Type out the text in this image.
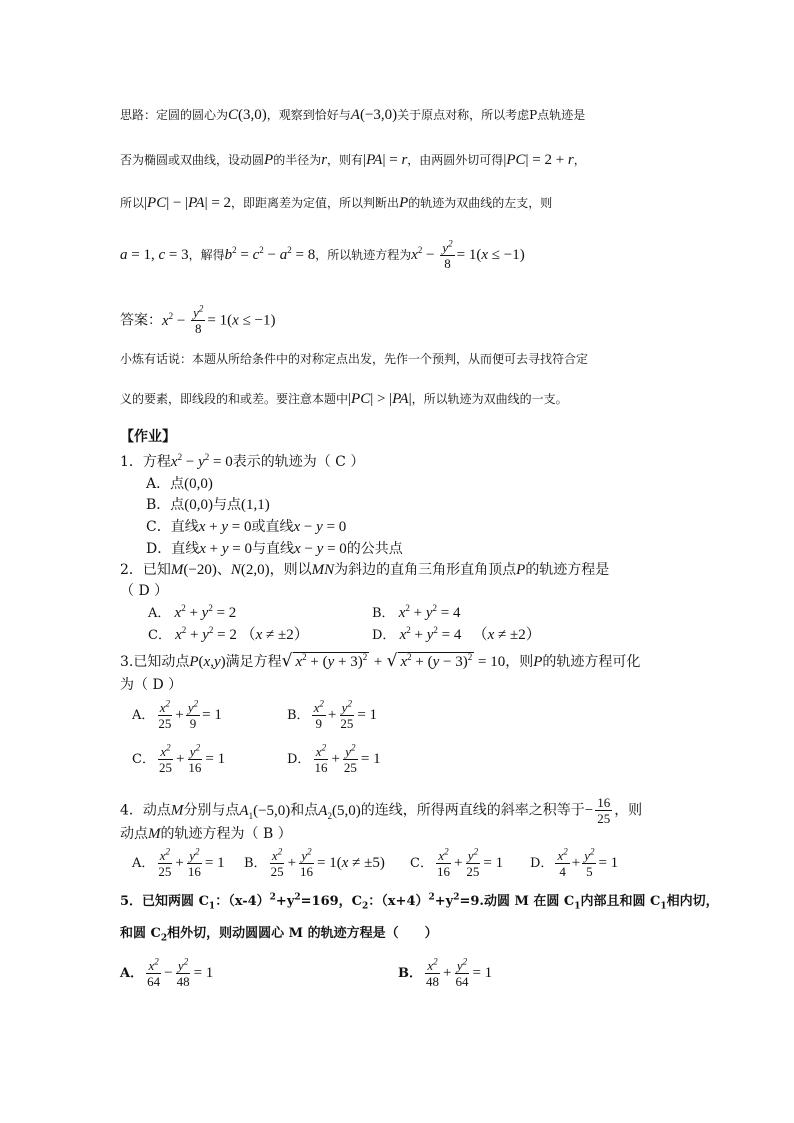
思路：定圆的圆心为C(3,0)，观察到恰好与A(−3,0)关于原点对称，所以考虑P点轨迹是
否为椭圆或双曲线，设动圆P的半径为r，则有|PA| = r，由两圆外切可得|PC| = 2 + r，
所以|PC| − |PA| = 2，即距离差为定值，所以判断出P的轨迹为双曲线的左支，则
a = 1, c = 3，解得$b^2 = c^2 - a^2 = 8$，所以轨迹方程为$x^2 - \frac{y^2}{8} = 1(x \le -1)$
答案：$x^2 - \frac{y^2}{8} = 1(x \le -1)$
小炼有话说：本题从所给条件中的对称定点出发，先作一个预判，从而便可去寻找符合定
义的要素，即线段的和或差。要注意本题中|PC| > |PA|，所以轨迹为双曲线的一支。
【作业】
1．方程$x^2 - y^2 = 0$表示的轨迹为（ C ）
A．点(0,0)
B．点(0,0)与点(1,1)
C．直线x + y = 0或直线x − y = 0
D．直线x + y = 0与直线x − y = 0的公共点
2．已知M(−20)、N(2,0)，则以MN为斜边的直角三角形直角顶点P的轨迹方程是
（ D ）
A． $x^2 + y^2 = 2$	B． $x^2 + y^2 = 4$
C． $x^2 + y^2 = 2$ （x ≠ ±2）	D． $x^2 + y^2 = 4$ 　（x ≠ ±2）
3.已知动点P(x,y)满足方程√ $x^2 + (y + 3)^2$ + √ $x^2 + (y - 3)^2 = 10$，则P的轨迹方程可化
为（ D ）
A． $\frac{x^2}{25} + \frac{y^2}{9} = 1$	B． $\frac{x^2}{9} + \frac{y^2}{25} = 1$
C． $\frac{x^2}{25} + \frac{y^2}{16} = 1$	D． $\frac{x^2}{16} + \frac{y^2}{25} = 1$
4．动点M分别与点$A_1(-5,0)$和点$A_2(5,0)$的连线，所得两直线的斜率之积等于− $\frac{16}{25}$ ，则
动点M的轨迹方程为（ B ）
A． $\frac{x^2}{25} + \frac{y^2}{16} = 1$ B． $\frac{x^2}{25} + \frac{y^2}{16} = 1(x \ne \pm 5)$ C． $\frac{x^2}{16} + \frac{y^2}{25} = 1$ D． $\frac{x^2}{4} + \frac{y^2}{5} = 1$
5．已知两圆 $C_1$：$(x-4)^2+y^2=169$，$C_2$：$(x+4)^2+y^2=9$.动圆 M 在圆 $C_1$内部且和圆 $C_1$相内切，
和圆 $C_2$相外切，则动圆圆心 M 的轨迹方程是（　　）
A． $\frac{x^2}{64} - \frac{y^2}{48} = 1$	B． $\frac{x^2}{48} + \frac{y^2}{64} = 1$
